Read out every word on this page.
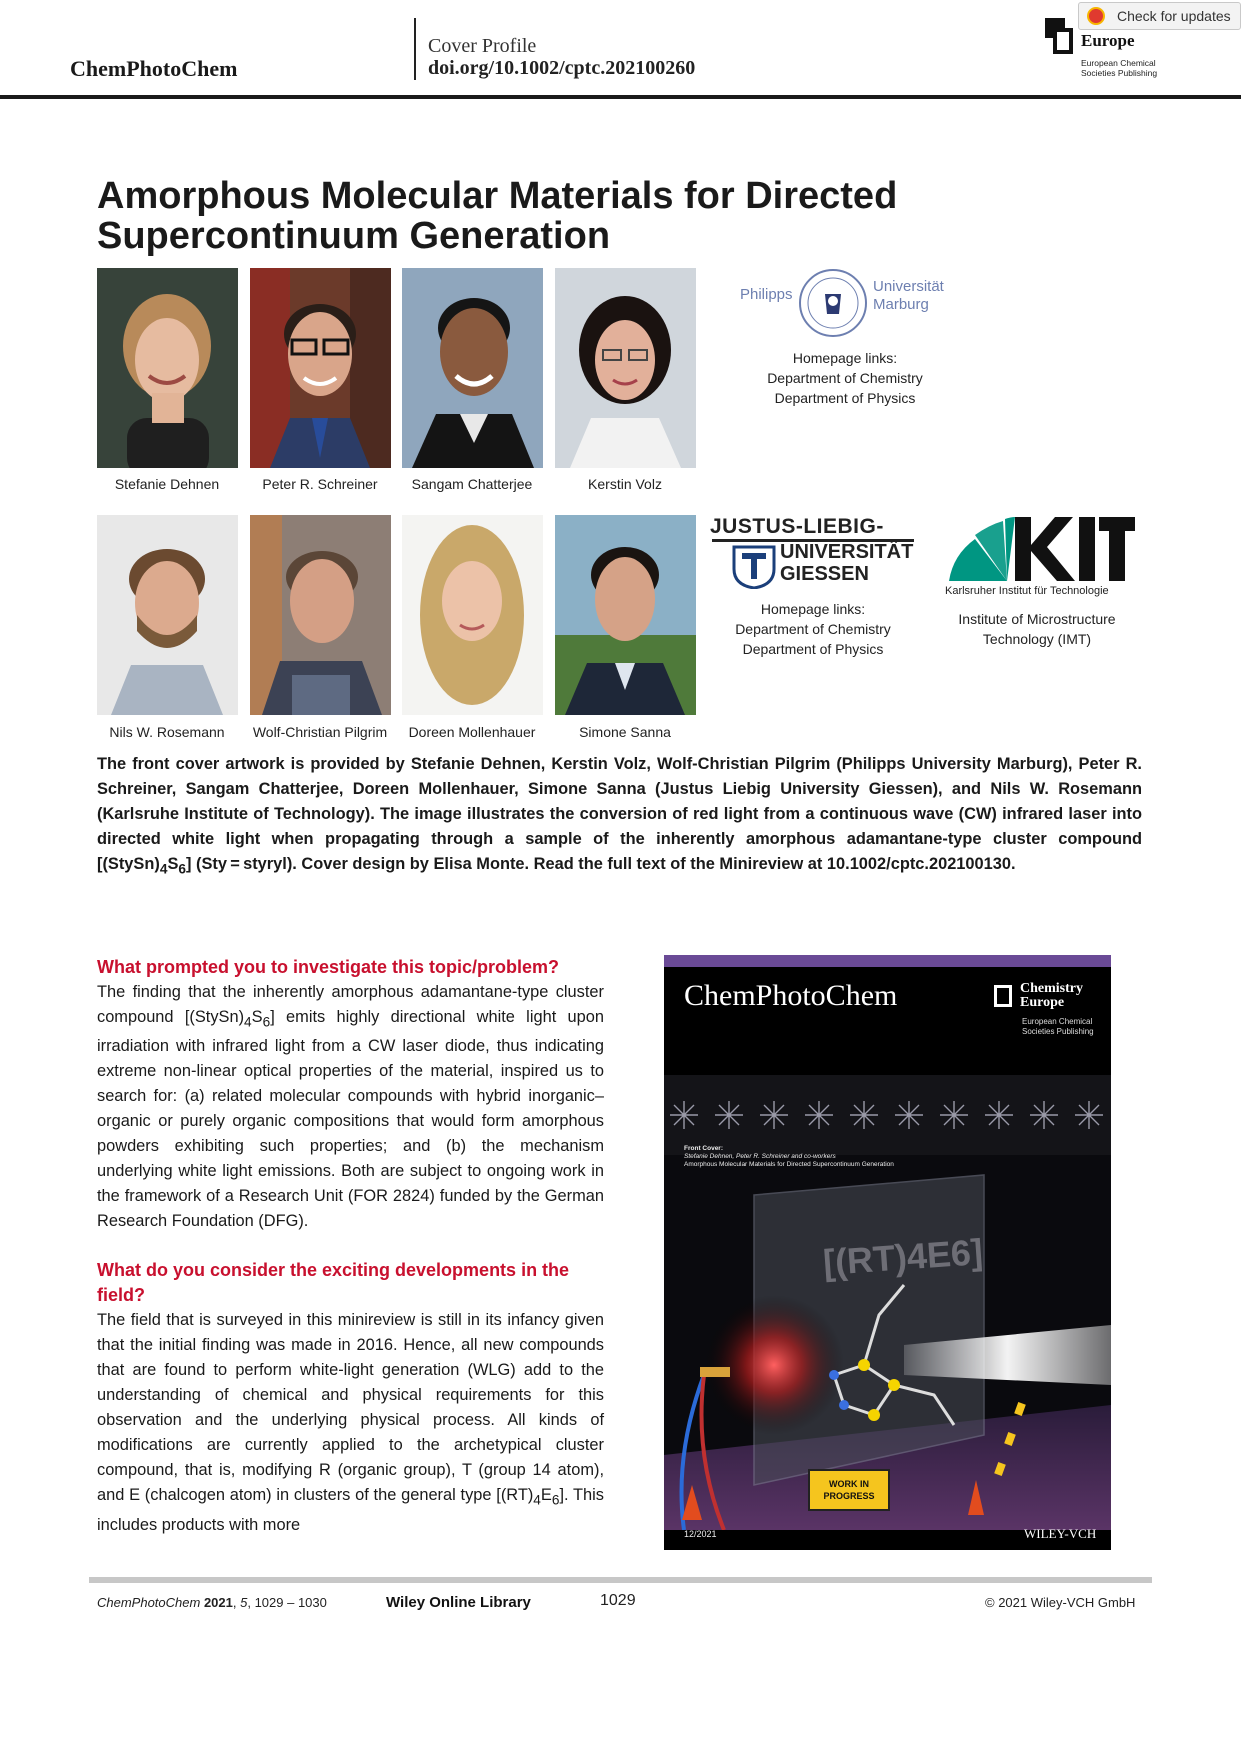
ChemPhotoChem
Cover Profile
doi.org/10.1002/cptc.202100260
Europe
European Chemical Societies Publishing
Check for updates
Amorphous Molecular Materials for Directed Supercontinuum Generation
Stefanie Dehnen	Peter R. Schreiner	Sangam Chatterjee	Kerstin Volz
Philipps	Universität
Marburg
Homepage links:
Department of Chemistry
Department of Physics
Nils W. Rosemann	Wolf-Christian Pilgrim	Doreen Mollenhauer	Simone Sanna
JUSTUS-LIEBIG-
UNIVERSITÄT
GIESSEN
Homepage links:
Department of Chemistry
Department of Physics
Karlsruher Institut für Technologie
Institute of Microstructure
Technology (IMT)
The front cover artwork is provided by Stefanie Dehnen, Kerstin Volz, Wolf-Christian Pilgrim (Philipps University Marburg), Peter R. Schreiner, Sangam Chatterjee, Doreen Mollenhauer, Simone Sanna (Justus Liebig University Giessen), and Nils W. Rosemann (Karlsruhe Institute of Technology). The image illustrates the conversion of red light from a continuous wave (CW) infrared laser into directed white light when propagating through a sample of the inherently amorphous adamantane-type cluster compound $[(StySn)_4S_6] (Sty$ = styryl). Cover design by Elisa Monte. Read the full text of the Minireview at 10.1002/cptc.202100130.
What prompted you to investigate this topic/problem?
The finding that the inherently amorphous adamantane-type cluster compound $[(StySn)_4S_6]$ emits highly directional white light upon irradiation with infrared light from a CW laser diode, thus indicating extreme non-linear optical properties of the material, inspired us to search for: (a) related molecular compounds with hybrid inorganic–organic or purely organic compositions that would form amorphous powders exhibiting such properties; and (b) the mechanism underlying white light emissions. Both are subject to ongoing work in the framework of a Research Unit (FOR 2824) funded by the German Research Foundation (DFG).
What do you consider the exciting developments in the field?
The field that is surveyed in this minireview is still in its infancy given that the initial finding was made in 2016. Hence, all new compounds that are found to perform white-light generation (WLG) add to the understanding of chemical and physical requirements for this observation and the underlying physical process. All kinds of modifications are currently applied to the archetypical cluster compound, that is, modifying R (organic group), T (group 14 atom), and E (chalcogen atom) in clusters of the general type $[(RT)_4E_6]$. This includes products with more
ChemPhotoChem	Chemistry
Europe
European Chemical Societies Publishing
WORK IN
PROGRESS
[(RT)4E6]
Front Cover:
Stefanie Dehnen, Peter R. Schreiner and co-workers
Amorphous Molecular Materials for Directed Supercontinuum Generation
12/2021	WILEY-VCH
ChemPhotoChem 2021, 5, 1029 – 1030	Wiley Online Library	1029	© 2021 Wiley-VCH GmbH
